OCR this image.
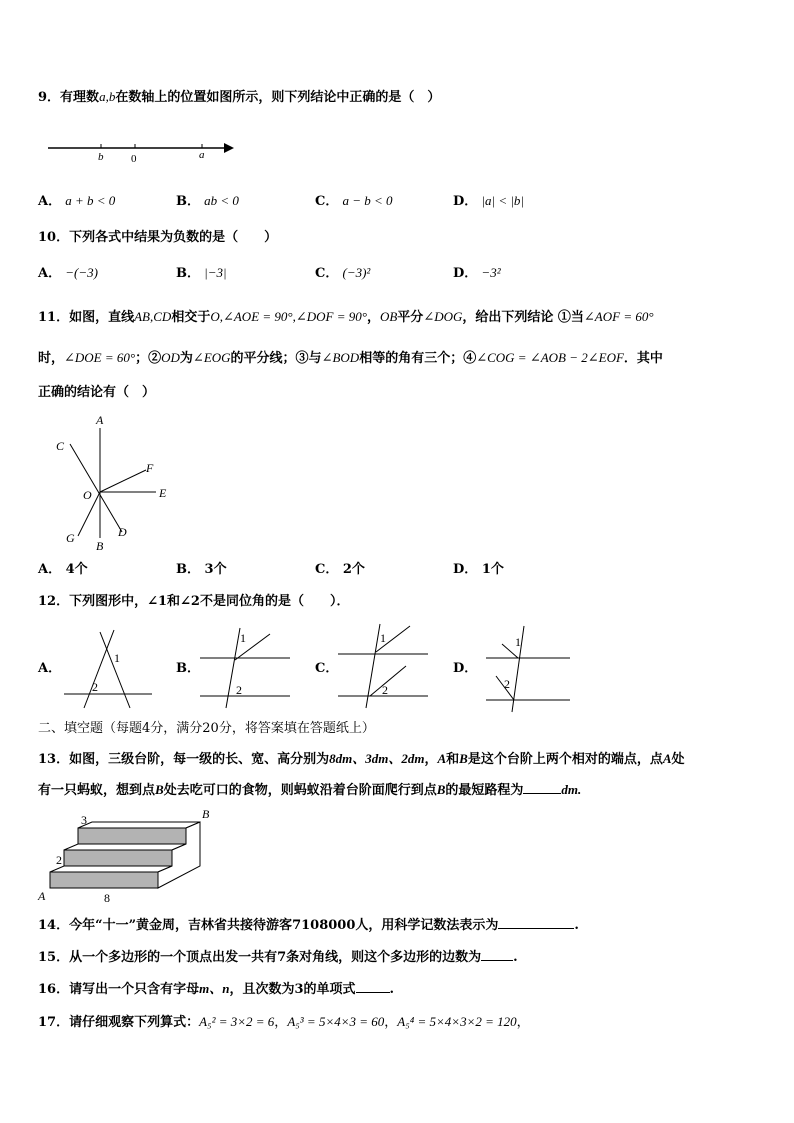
9．有理数a,b在数轴上的位置如图所示，则下列结论中正确的是（　）
b	0	a
A． a + b < 0	B． ab < 0	C． a − b < 0	D． |a| < |b|
10．下列各式中结果为负数的是（　　）
A． −(−3)	B． |−3|	C． (−3)²	D． −3²
11．如图，直线AB,CD相交于O,∠AOE = 90°,∠DOF = 90°，OB平分∠DOG，给出下列结论 ①当∠AOF = 60°
时，∠DOE = 60°；②OD为∠EOG的平分线；③与∠BOD相等的角有三个；④∠COG = ∠AOB − 2∠EOF．其中
正确的结论有（　）
A
B
C
D
E
F
G
O
A． 4个	B． 3个	C． 2个	D． 1个
12．下列图形中，∠1和∠2不是同位角的是（　　）．
A．
1
2
B．
1
2
C．
1
2
D．
1
2
二、填空题（每题4分，满分20分，将答案填在答题纸上）
13．如图，三级台阶，每一级的长、宽、高分别为8dm、3dm、2dm，A和B是这个台阶上两个相对的端点，点A处
有一只蚂蚁，想到点B处去吃可口的食物，则蚂蚁沿着台阶面爬行到点B的最短路程为	dm.
A
B
3
2
8
14．今年“十一”黄金周，吉林省共接待游客7108000人，用科学记数法表示为	.
15．从一个多边形的一个顶点出发一共有7条对角线，则这个多边形的边数为 .
16．请写出一个只含有字母m、n，且次数为3的单项式	.
17．请仔细观察下列算式：A₅² = 3×2 = 6，A₅³ = 5×4×3 = 60，A₅⁴ = 5×4×3×2 = 120，
